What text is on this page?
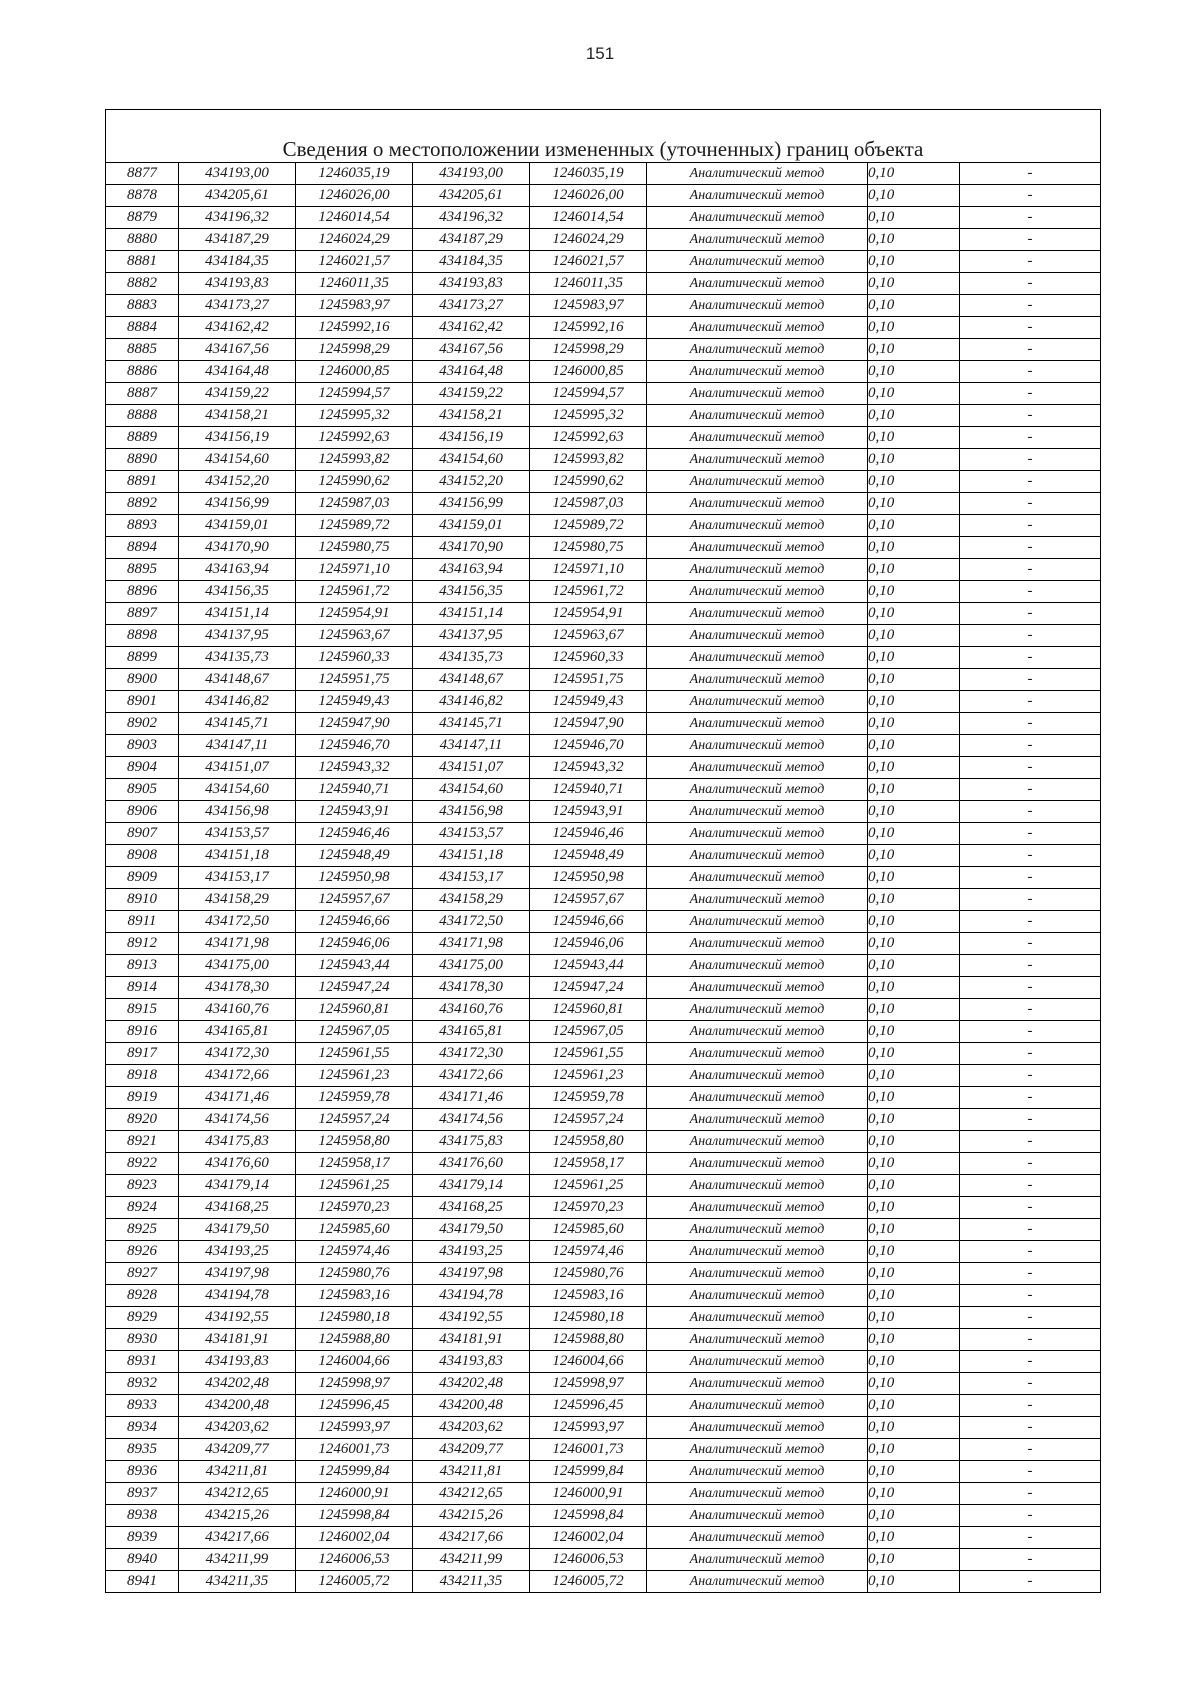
151
Сведения о местоположении измененных (уточненных) границ объекта							
8877	434193,00	1246035,19	434193,00	1246035,19	Аналитический метод	0,10	-
8878	434205,61	1246026,00	434205,61	1246026,00	Аналитический метод	0,10	-
8879	434196,32	1246014,54	434196,32	1246014,54	Аналитический метод	0,10	-
8880	434187,29	1246024,29	434187,29	1246024,29	Аналитический метод	0,10	-
8881	434184,35	1246021,57	434184,35	1246021,57	Аналитический метод	0,10	-
8882	434193,83	1246011,35	434193,83	1246011,35	Аналитический метод	0,10	-
8883	434173,27	1245983,97	434173,27	1245983,97	Аналитический метод	0,10	-
8884	434162,42	1245992,16	434162,42	1245992,16	Аналитический метод	0,10	-
8885	434167,56	1245998,29	434167,56	1245998,29	Аналитический метод	0,10	-
8886	434164,48	1246000,85	434164,48	1246000,85	Аналитический метод	0,10	-
8887	434159,22	1245994,57	434159,22	1245994,57	Аналитический метод	0,10	-
8888	434158,21	1245995,32	434158,21	1245995,32	Аналитический метод	0,10	-
8889	434156,19	1245992,63	434156,19	1245992,63	Аналитический метод	0,10	-
8890	434154,60	1245993,82	434154,60	1245993,82	Аналитический метод	0,10	-
8891	434152,20	1245990,62	434152,20	1245990,62	Аналитический метод	0,10	-
8892	434156,99	1245987,03	434156,99	1245987,03	Аналитический метод	0,10	-
8893	434159,01	1245989,72	434159,01	1245989,72	Аналитический метод	0,10	-
8894	434170,90	1245980,75	434170,90	1245980,75	Аналитический метод	0,10	-
8895	434163,94	1245971,10	434163,94	1245971,10	Аналитический метод	0,10	-
8896	434156,35	1245961,72	434156,35	1245961,72	Аналитический метод	0,10	-
8897	434151,14	1245954,91	434151,14	1245954,91	Аналитический метод	0,10	-
8898	434137,95	1245963,67	434137,95	1245963,67	Аналитический метод	0,10	-
8899	434135,73	1245960,33	434135,73	1245960,33	Аналитический метод	0,10	-
8900	434148,67	1245951,75	434148,67	1245951,75	Аналитический метод	0,10	-
8901	434146,82	1245949,43	434146,82	1245949,43	Аналитический метод	0,10	-
8902	434145,71	1245947,90	434145,71	1245947,90	Аналитический метод	0,10	-
8903	434147,11	1245946,70	434147,11	1245946,70	Аналитический метод	0,10	-
8904	434151,07	1245943,32	434151,07	1245943,32	Аналитический метод	0,10	-
8905	434154,60	1245940,71	434154,60	1245940,71	Аналитический метод	0,10	-
8906	434156,98	1245943,91	434156,98	1245943,91	Аналитический метод	0,10	-
8907	434153,57	1245946,46	434153,57	1245946,46	Аналитический метод	0,10	-
8908	434151,18	1245948,49	434151,18	1245948,49	Аналитический метод	0,10	-
8909	434153,17	1245950,98	434153,17	1245950,98	Аналитический метод	0,10	-
8910	434158,29	1245957,67	434158,29	1245957,67	Аналитический метод	0,10	-
8911	434172,50	1245946,66	434172,50	1245946,66	Аналитический метод	0,10	-
8912	434171,98	1245946,06	434171,98	1245946,06	Аналитический метод	0,10	-
8913	434175,00	1245943,44	434175,00	1245943,44	Аналитический метод	0,10	-
8914	434178,30	1245947,24	434178,30	1245947,24	Аналитический метод	0,10	-
8915	434160,76	1245960,81	434160,76	1245960,81	Аналитический метод	0,10	-
8916	434165,81	1245967,05	434165,81	1245967,05	Аналитический метод	0,10	-
8917	434172,30	1245961,55	434172,30	1245961,55	Аналитический метод	0,10	-
8918	434172,66	1245961,23	434172,66	1245961,23	Аналитический метод	0,10	-
8919	434171,46	1245959,78	434171,46	1245959,78	Аналитический метод	0,10	-
8920	434174,56	1245957,24	434174,56	1245957,24	Аналитический метод	0,10	-
8921	434175,83	1245958,80	434175,83	1245958,80	Аналитический метод	0,10	-
8922	434176,60	1245958,17	434176,60	1245958,17	Аналитический метод	0,10	-
8923	434179,14	1245961,25	434179,14	1245961,25	Аналитический метод	0,10	-
8924	434168,25	1245970,23	434168,25	1245970,23	Аналитический метод	0,10	-
8925	434179,50	1245985,60	434179,50	1245985,60	Аналитический метод	0,10	-
8926	434193,25	1245974,46	434193,25	1245974,46	Аналитический метод	0,10	-
8927	434197,98	1245980,76	434197,98	1245980,76	Аналитический метод	0,10	-
8928	434194,78	1245983,16	434194,78	1245983,16	Аналитический метод	0,10	-
8929	434192,55	1245980,18	434192,55	1245980,18	Аналитический метод	0,10	-
8930	434181,91	1245988,80	434181,91	1245988,80	Аналитический метод	0,10	-
8931	434193,83	1246004,66	434193,83	1246004,66	Аналитический метод	0,10	-
8932	434202,48	1245998,97	434202,48	1245998,97	Аналитический метод	0,10	-
8933	434200,48	1245996,45	434200,48	1245996,45	Аналитический метод	0,10	-
8934	434203,62	1245993,97	434203,62	1245993,97	Аналитический метод	0,10	-
8935	434209,77	1246001,73	434209,77	1246001,73	Аналитический метод	0,10	-
8936	434211,81	1245999,84	434211,81	1245999,84	Аналитический метод	0,10	-
8937	434212,65	1246000,91	434212,65	1246000,91	Аналитический метод	0,10	-
8938	434215,26	1245998,84	434215,26	1245998,84	Аналитический метод	0,10	-
8939	434217,66	1246002,04	434217,66	1246002,04	Аналитический метод	0,10	-
8940	434211,99	1246006,53	434211,99	1246006,53	Аналитический метод	0,10	-
8941	434211,35	1246005,72	434211,35	1246005,72	Аналитический метод	0,10	-
